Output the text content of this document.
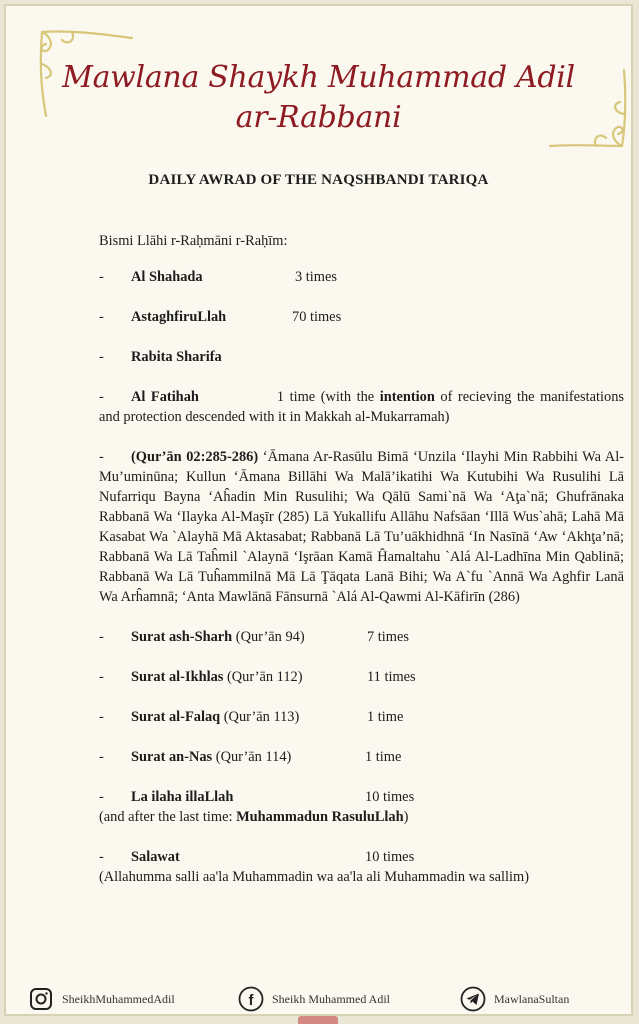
Mawlana Shaykh Muhammad Adil
ar-Rabbani
DAILY AWRAD OF THE NAQSHBANDI TARIQA
Bismi Llāhi r-Raḥmāni r-Raḥīm:
- Al Shahada	3 times
- AstaghfiruLlah	70 times
- Rabita Sharifa
- Al Fatihah	1 time (with the intention of recieving the manifestations and protection descended with it in Makkah al-Mukarramah)
- (Qur’ān 02:285-286) ‘Āmana Ar-Rasūlu Bimā ‘Unzila ‘Ilayhi Min Rabbihi Wa Al-Mu’uminūna; Kullun ‘Āmana Billāhi Wa Malā’ikatihi Wa Kutubihi Wa Rusulihi Lā Nufarriqu Bayna ‘Aĥadin Min Rusulihi; Wa Qālū Sami`nā Wa ‘Aţa`nā; Ghufrānaka Rabbanā Wa ‘Ilayka Al-Maşīr (285) Lā Yukallifu Allāhu Nafsāan ‘Illā Wus`ahā; Lahā Mā Kasabat Wa `Alayhā Mā Aktasabat; Rabbanā Lā Tu’uākhidhnā ‘In Nasīnā ‘Aw ‘Akhţa’nā; Rabbanā Wa Lā Taĥmil `Alaynā ‘Işrāan Kamā Ĥamaltahu `Alá Al-Ladhīna Min Qablinā; Rabbanā Wa Lā Tuĥammilnā Mā Lā Ţāqata Lanā Bihi; Wa A`fu `Annā Wa Aghfir Lanā Wa Arĥamnā; ‘Anta Mawlānā Fānsurnā `Alá Al-Qawmi Al-Kāfirīn (286)
- Surat ash-Sharh (Qur’ān 94)	7 times
- Surat al-Ikhlas (Qur’ān 112)	11 times
- Surat al-Falaq (Qur’ān 113)	1 time
- Surat an-Nas (Qur’ān 114)	1 time
- La ilaha illaLlah	10 times
(and after the last time: Muhammadun RasuluLlah)
- Salawat	10 times
(Allahumma salli aa'la Muhammadin wa aa'la ali Muhammadin wa sallim)
SheikhMuhammedAdil	f Sheikh Muhammed Adil	MawlanaSultan
